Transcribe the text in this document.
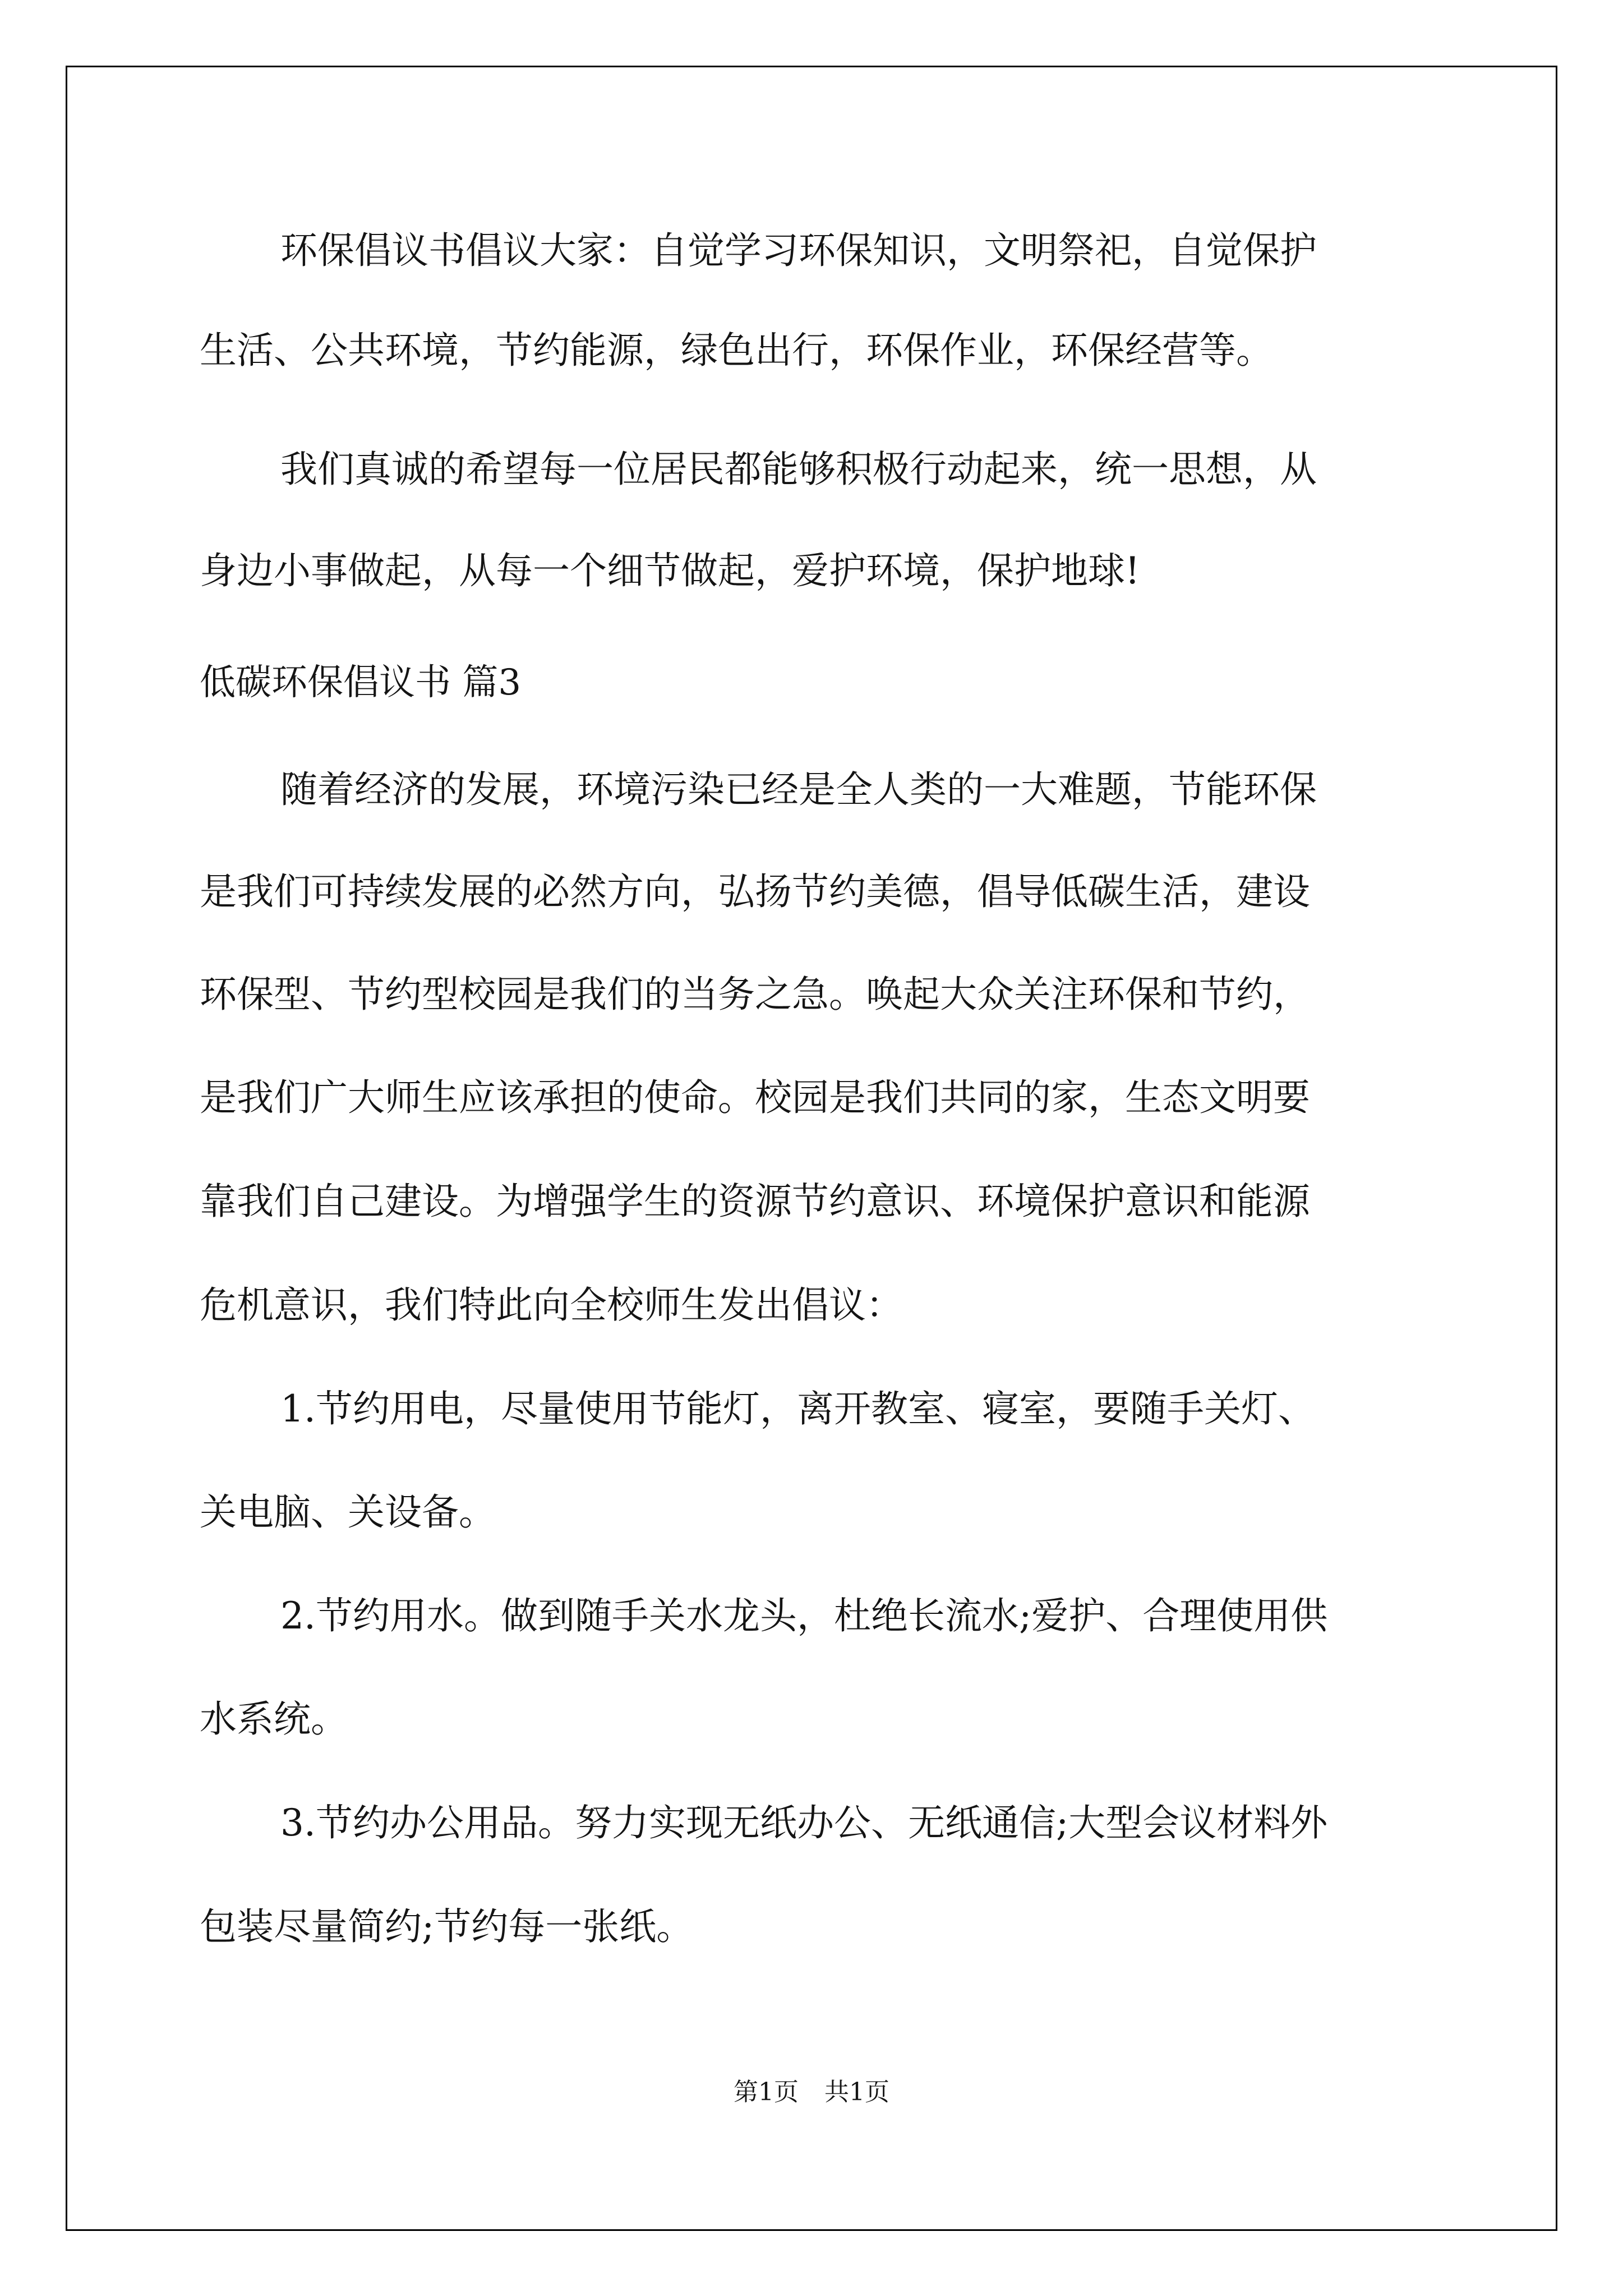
环保倡议书倡议大家：自觉学习环保知识，文明祭祀，自觉保护
生活、公共环境，节约能源，绿色出行，环保作业，环保经营等。
我们真诚的希望每一位居民都能够积极行动起来，统一思想，从
身边小事做起，从每一个细节做起，爱护环境，保护地球!
低碳环保倡议书 篇3
随着经济的发展，环境污染已经是全人类的一大难题，节能环保
是我们可持续发展的必然方向，弘扬节约美德，倡导低碳生活，建设
环保型、节约型校园是我们的当务之急。唤起大众关注环保和节约，
是我们广大师生应该承担的使命。校园是我们共同的家，生态文明要
靠我们自己建设。为增强学生的资源节约意识、环境保护意识和能源
危机意识，我们特此向全校师生发出倡议：
1.节约用电，尽量使用节能灯，离开教室、寝室，要随手关灯、
关电脑、关设备。
2.节约用水。做到随手关水龙头，杜绝长流水;爱护、合理使用供
水系统。
3.节约办公用品。努力实现无纸办公、无纸通信;大型会议材料外
包装尽量简约;节约每一张纸。
第1页 共1页
